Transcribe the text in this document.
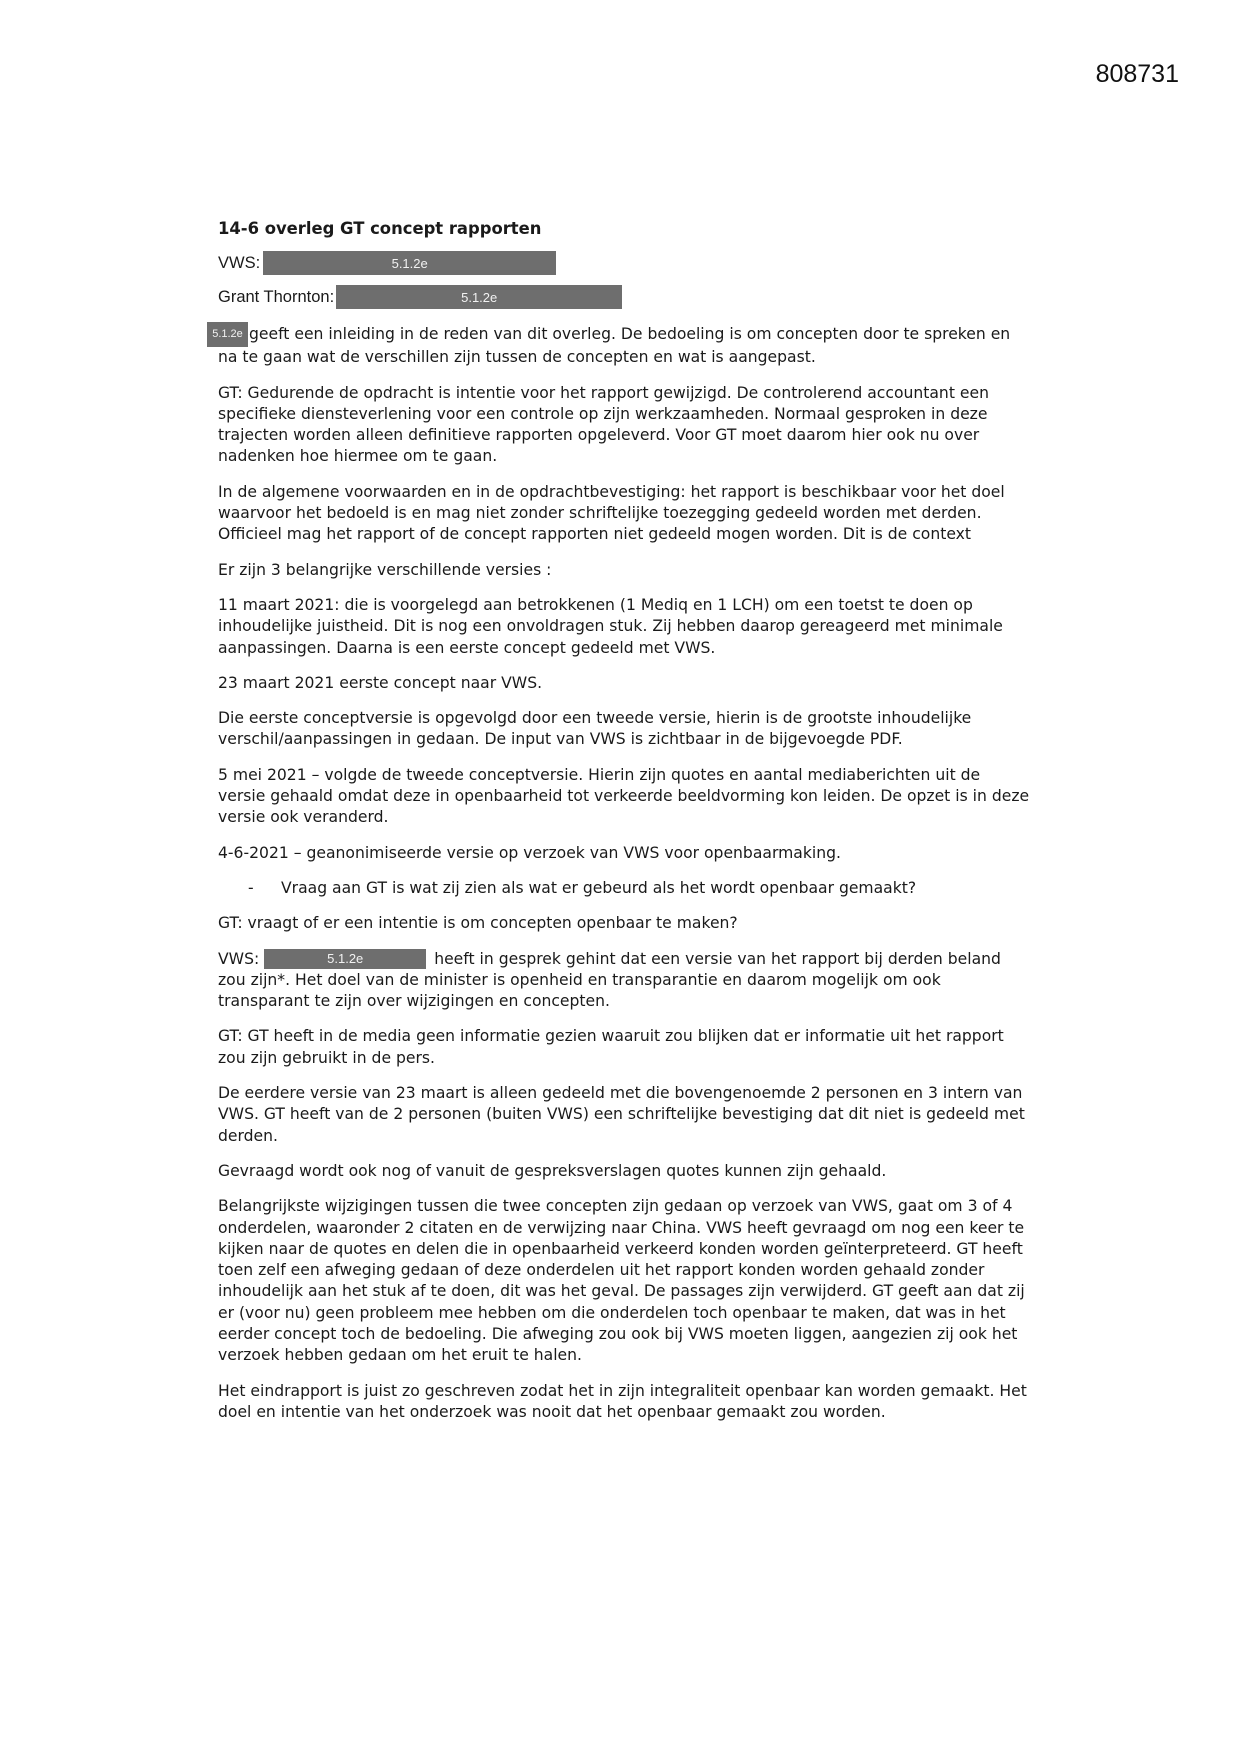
808731
14-6 overleg GT concept rapporten
VWS:	5.1.2e
Grant Thornton:	5.1.2e

5.1.2e geeft een inleiding in de reden van dit overleg. De bedoeling is om concepten door te spreken en na te gaan wat de verschillen zijn tussen de concepten en wat is aangepast.

GT: Gedurende de opdracht is intentie voor het rapport gewijzigd. De controlerend accountant een specifieke diensteverlening voor een controle op zijn werkzaamheden. Normaal gesproken in deze trajecten worden alleen definitieve rapporten opgeleverd. Voor GT moet daarom hier ook nu over nadenken hoe hiermee om te gaan.

In de algemene voorwaarden en in de opdrachtbevestiging: het rapport is beschikbaar voor het doel waarvoor het bedoeld is en mag niet zonder schriftelijke toezegging gedeeld worden met derden. Officieel mag het rapport of de concept rapporten niet gedeeld mogen worden. Dit is de context

Er zijn 3 belangrijke verschillende versies :

11 maart 2021: die is voorgelegd aan betrokkenen (1 Mediq en 1 LCH) om een toetst te doen op inhoudelijke juistheid. Dit is nog een onvoldragen stuk. Zij hebben daarop gereageerd met minimale aanpassingen. Daarna is een eerste concept gedeeld met VWS.

23 maart 2021 eerste concept naar VWS.

Die eerste conceptversie is opgevolgd door een tweede versie, hierin is de grootste inhoudelijke verschil/aanpassingen in gedaan. De input van VWS is zichtbaar in de bijgevoegde PDF.

5 mei 2021 – volgde de tweede conceptversie. Hierin zijn quotes en aantal mediaberichten uit de versie gehaald omdat deze in openbaarheid tot verkeerde beeldvorming kon leiden. De opzet is in deze versie ook veranderd.

4-6-2021 – geanonimiseerde versie op verzoek van VWS voor openbaarmaking.

-	Vraag aan GT is wat zij zien als wat er gebeurd als het wordt openbaar gemaakt?

GT: vraagt of er een intentie is om concepten openbaar te maken?

VWS:	5.1.2e	heeft in gesprek gehint dat een versie van het rapport bij derden beland zou zijn*. Het doel van de minister is openheid en transparantie en daarom mogelijk om ook transparant te zijn over wijzigingen en concepten.

GT: GT heeft in de media geen informatie gezien waaruit zou blijken dat er informatie uit het rapport zou zijn gebruikt in de pers.

De eerdere versie van 23 maart is alleen gedeeld met die bovengenoemde 2 personen en 3 intern van VWS. GT heeft van de 2 personen (buiten VWS) een schriftelijke bevestiging dat dit niet is gedeeld met derden.

Gevraagd wordt ook nog of vanuit de gespreksverslagen quotes kunnen zijn gehaald.

Belangrijkste wijzigingen tussen die twee concepten zijn gedaan op verzoek van VWS, gaat om 3 of 4 onderdelen, waaronder 2 citaten en de verwijzing naar China. VWS heeft gevraagd om nog een keer te kijken naar de quotes en delen die in openbaarheid verkeerd konden worden geïnterpreteerd. GT heeft toen zelf een afweging gedaan of deze onderdelen uit het rapport konden worden gehaald zonder inhoudelijk aan het stuk af te doen, dit was het geval. De passages zijn verwijderd. GT geeft aan dat zij er (voor nu) geen probleem mee hebben om die onderdelen toch openbaar te maken, dat was in het eerder concept toch de bedoeling. Die afweging zou ook bij VWS moeten liggen, aangezien zij ook het verzoek hebben gedaan om het eruit te halen.

Het eindrapport is juist zo geschreven zodat het in zijn integraliteit openbaar kan worden gemaakt. Het doel en intentie van het onderzoek was nooit dat het openbaar gemaakt zou worden.
